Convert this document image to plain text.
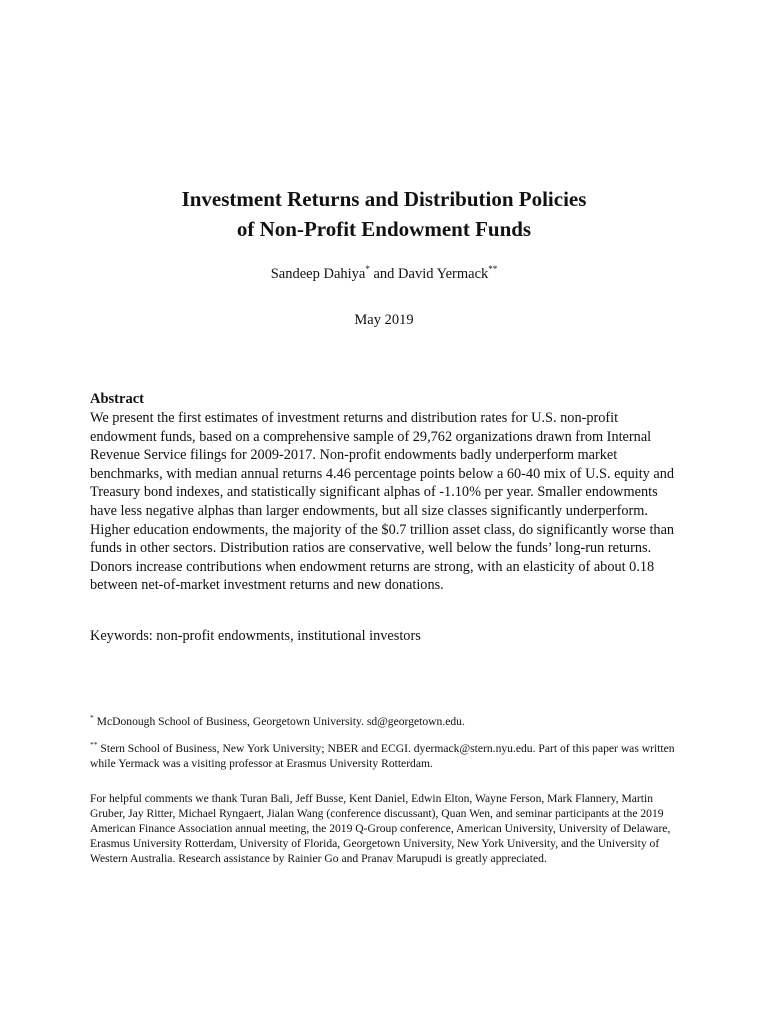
Investment Returns and Distribution Policies
of Non-Profit Endowment Funds
Sandeep Dahiya* and David Yermack**
May 2019
Abstract

We present the first estimates of investment returns and distribution rates for U.S. non-profit endowment funds, based on a comprehensive sample of 29,762 organizations drawn from Internal Revenue Service filings for 2009-2017. Non-profit endowments badly underperform market benchmarks, with median annual returns 4.46 percentage points below a 60-40 mix of U.S. equity and Treasury bond indexes, and statistically significant alphas of -1.10% per year. Smaller endowments have less negative alphas than larger endowments, but all size classes significantly underperform. Higher education endowments, the majority of the $0.7 trillion asset class, do significantly worse than funds in other sectors. Distribution ratios are conservative, well below the funds’ long-run returns. Donors increase contributions when endowment returns are strong, with an elasticity of about 0.18 between net-of-market investment returns and new donations.

Keywords: non-profit endowments, institutional investors

* McDonough School of Business, Georgetown University. sd@georgetown.edu.

** Stern School of Business, New York University; NBER and ECGI. dyermack@stern.nyu.edu. Part of this paper was written while Yermack was a visiting professor at Erasmus University Rotterdam.

For helpful comments we thank Turan Bali, Jeff Busse, Kent Daniel, Edwin Elton, Wayne Ferson, Mark Flannery, Martin Gruber, Jay Ritter, Michael Ryngaert, Jialan Wang (conference discussant), Quan Wen, and seminar participants at the 2019 American Finance Association annual meeting, the 2019 Q-Group conference, American University, University of Delaware, Erasmus University Rotterdam, University of Florida, Georgetown University, New York University, and the University of Western Australia. Research assistance by Rainier Go and Pranav Marupudi is greatly appreciated.
